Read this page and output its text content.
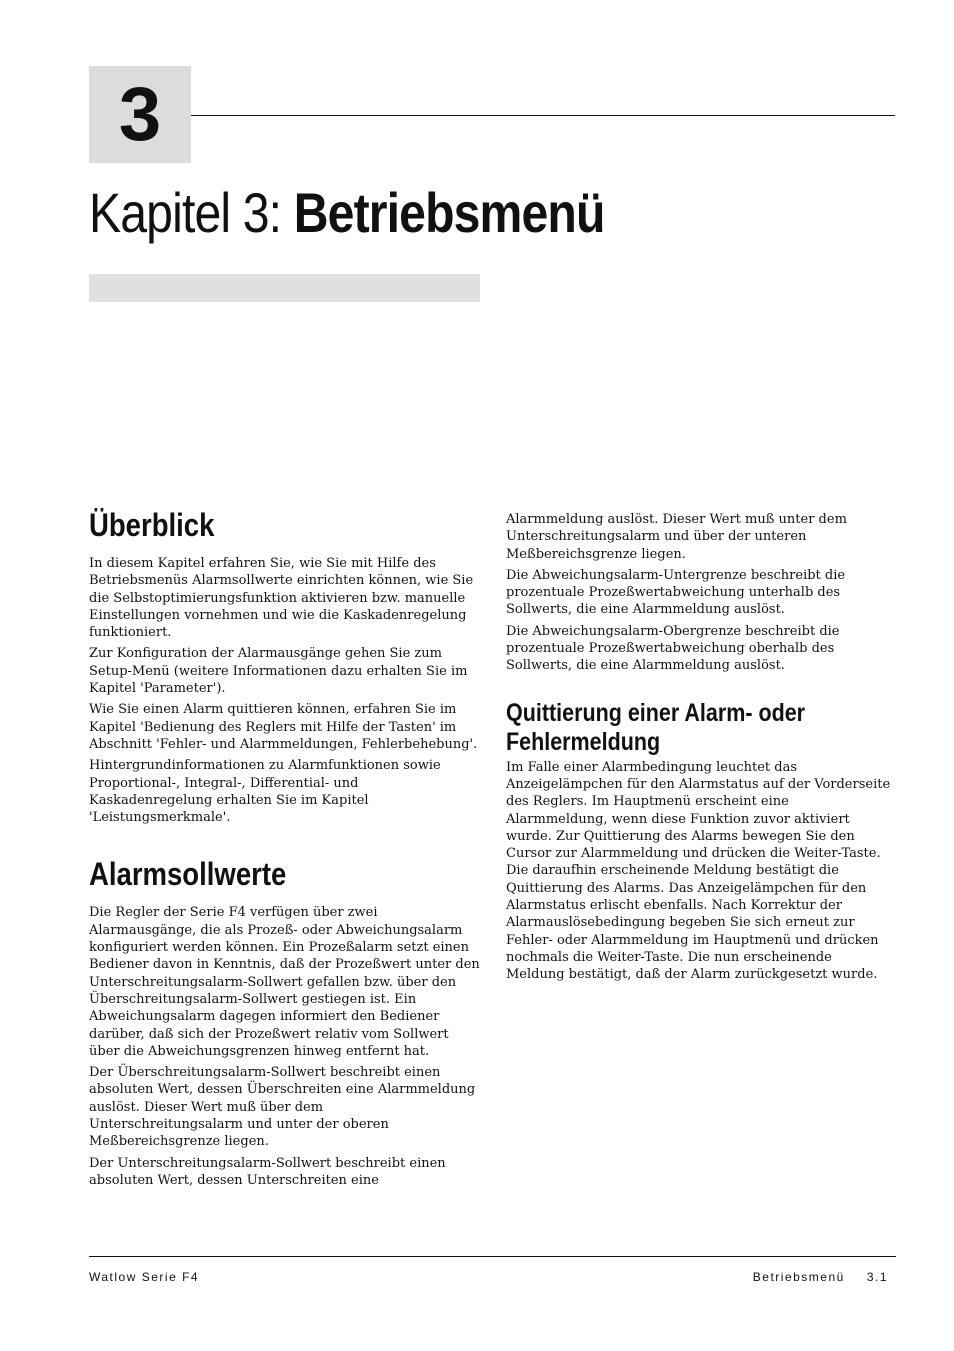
3
Kapitel 3: Betriebsmenü
Überblick

In diesem Kapitel erfahren Sie, wie Sie mit Hilfe des Betriebsmenüs Alarmsollwerte einrichten können, wie Sie die Selbstoptimierungsfunktion aktivieren bzw. manuelle Einstellungen vornehmen und wie die Kaskadenregelung funktioniert.

Zur Konfiguration der Alarmausgänge gehen Sie zum Setup-Menü (weitere Informationen dazu erhalten Sie im Kapitel 'Parameter').

Wie Sie einen Alarm quittieren können, erfahren Sie im Kapitel 'Bedienung des Reglers mit Hilfe der Tasten' im Abschnitt 'Fehler- und Alarmmeldungen, Fehlerbehebung'.

Hintergrundinformationen zu Alarmfunktionen sowie Proportional-, Integral-, Differential- und Kaskadenregelung erhalten Sie im Kapitel 'Leistungsmerkmale'.

Alarmsollwerte

Die Regler der Serie F4 verfügen über zwei Alarmausgänge, die als Prozeß- oder Abweichungsalarm konfiguriert werden können. Ein Prozeßalarm setzt einen Bediener davon in Kenntnis, daß der Prozeßwert unter den Unterschreitungsalarm-Sollwert gefallen bzw. über den Überschreitungsalarm-Sollwert gestiegen ist. Ein Abweichungsalarm dagegen informiert den Bediener darüber, daß sich der Prozeßwert relativ vom Sollwert über die Abweichungsgrenzen hinweg entfernt hat.

Der Überschreitungsalarm-Sollwert beschreibt einen absoluten Wert, dessen Überschreiten eine Alarmmeldung auslöst. Dieser Wert muß über dem Unterschreitungsalarm und unter der oberen Meßbereichsgrenze liegen.

Der Unterschreitungsalarm-Sollwert beschreibt einen absoluten Wert, dessen Unterschreiten eine

Alarmmeldung auslöst. Dieser Wert muß unter dem Unterschreitungsalarm und über der unteren Meßbereichsgrenze liegen.

Die Abweichungsalarm-Untergrenze beschreibt die prozentuale Prozeßwertabweichung unterhalb des Sollwerts, die eine Alarmmeldung auslöst.

Die Abweichungsalarm-Obergrenze beschreibt die prozentuale Prozeßwertabweichung oberhalb des Sollwerts, die eine Alarmmeldung auslöst.

Quittierung einer Alarm- oder Fehlermeldung

Im Falle einer Alarmbedingung leuchtet das Anzeigelämpchen für den Alarmstatus auf der Vorderseite des Reglers. Im Hauptmenü erscheint eine Alarmmeldung, wenn diese Funktion zuvor aktiviert wurde. Zur Quittierung des Alarms bewegen Sie den Cursor zur Alarmmeldung und drücken die Weiter-Taste. Die daraufhin erscheinende Meldung bestätigt die Quittierung des Alarms. Das Anzeigelämpchen für den Alarmstatus erlischt ebenfalls. Nach Korrektur der Alarmauslösebedingung begeben Sie sich erneut zur Fehler- oder Alarmmeldung im Hauptmenü und drücken nochmals die Weiter-Taste. Die nun erscheinende Meldung bestätigt, daß der Alarm zurückgesetzt wurde.

Watlow Serie F4	Betriebsmenü 3.1
